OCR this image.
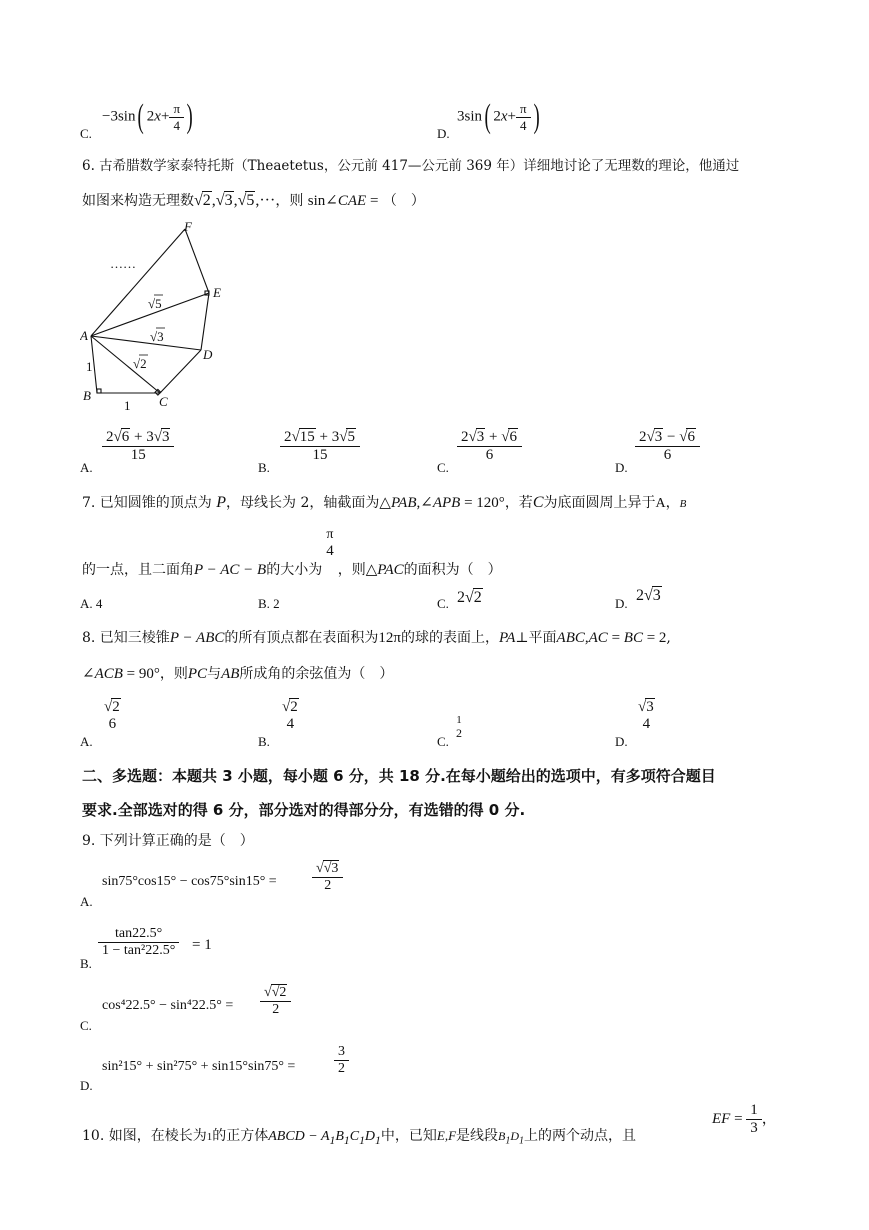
C.
−3sin( $2x+ \frac{\pi}{4}$ )	D.
3sin( $2x+ \frac{\pi}{4}$ )
6. 古希腊数学家泰特托斯（Theaetetus，公元前 417—公元前 369 年）详细地讨论了无理数的理论，他通过
如图来构造无理数√2,√3,√5,···，则 sin∠CAE = （　）
F
E
D
A
B	C
……
√5
√3
√2
1
1
A.
$\frac{2√6 + 3√3}{15}$
B.
$\frac{2√15 + 3√5}{15}$
C.
$\frac{2√3 + √6}{6}$
D.
$\frac{2√3 - √6}{6}$
7. 已知圆锥的顶点为 P，母线长为 2，轴截面为△PAB,∠APB = 120°，若C为底面圆周上异于A，B
的一点，且二面角P − AC − B的大小为
π
4
，则△PAC的面积为（　）
A. 4	B. 2	C. 2√2	D. 2√3
8. 已知三棱锥P − ABC的所有顶点都在表面积为12π的球的表面上，PA⊥平面ABC,AC = BC = 2,
∠ACB = 90°，则PC与AB所成角的余弦值为（　）
A.
√2
6
B.
√2
4
C.
1
2
D.
√3
4
二、多选题：本题共 3 小题，每小题 6 分，共 18 分.在每小题给出的选项中，有多项符合题目
要求.全部选对的得 6 分，部分选对的得部分分，有选错的得 0 分.
9. 下列计算正确的是（　）
A.
sin75°cos15° − cos75°sin15° =	$\frac{√√3}{2}$
B.
$\frac{\tan 22.5^\circ}{\text{1 − tan²22.5°}} = 1$
C.
$\cos^422.5^\circ - \sin^422.5^\circ = \frac{√√2}{2}$
D.
sin²15° + sin²75° + sin15°sin75° =	$\frac{3}{2}$
10. 如图，在棱长为1的正方体ABCD − $A_1B_1C_1D_1$中，已知E,F是线段$B_1D_1$上的两个动点，且
EF = $\frac{1}{3}$ ，
